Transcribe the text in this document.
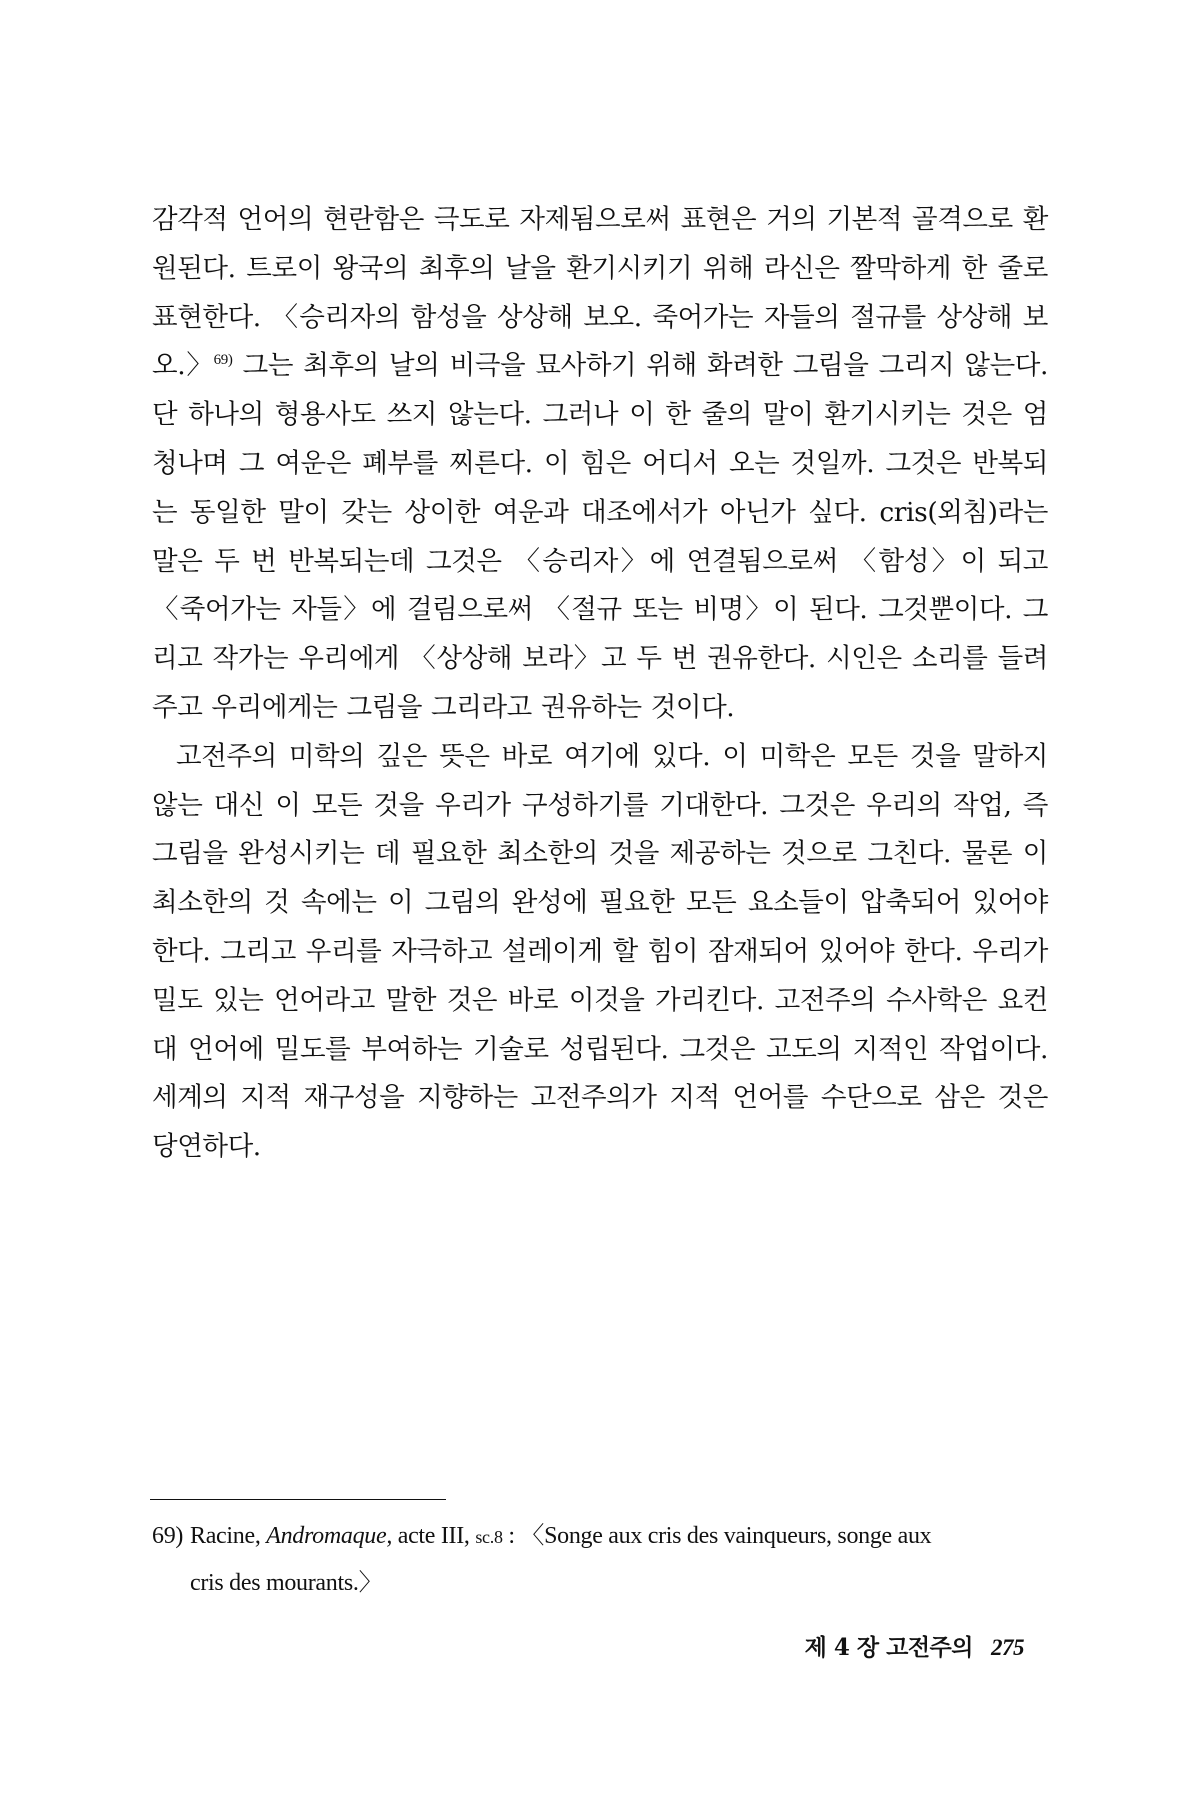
감각적 언어의 현란함은 극도로 자제됨으로써 표현은 거의 기본적 골격으로 환원된다. 트로이 왕국의 최후의 날을 환기시키기 위해 라신은 짤막하게 한 줄로 표현한다. 〈승리자의 함성을 상상해 보오. 죽어가는 자들의 절규를 상상해 보오.〉$^{69)}$ 그는 최후의 날의 비극을 묘사하기 위해 화려한 그림을 그리지 않는다. 단 하나의 형용사도 쓰지 않는다. 그러나 이 한 줄의 말이 환기시키는 것은 엄청나며 그 여운은 폐부를 찌른다. 이 힘은 어디서 오는 것일까. 그것은 반복되는 동일한 말이 갖는 상이한 여운과 대조에서가 아닌가 싶다. cris(외침)라는 말은 두 번 반복되는데 그것은 〈승리자〉에 연결됨으로써 〈함성〉이 되고 〈죽어가는 자들〉에 걸림으로써 〈절규 또는 비명〉이 된다. 그것뿐이다. 그리고 작가는 우리에게 〈상상해 보라〉고 두 번 권유한다. 시인은 소리를 들려주고 우리에게는 그림을 그리라고 권유하는 것이다.

고전주의 미학의 깊은 뜻은 바로 여기에 있다. 이 미학은 모든 것을 말하지 않는 대신 이 모든 것을 우리가 구성하기를 기대한다. 그것은 우리의 작업, 즉 그림을 완성시키는 데 필요한 최소한의 것을 제공하는 것으로 그친다. 물론 이 최소한의 것 속에는 이 그림의 완성에 필요한 모든 요소들이 압축되어 있어야 한다. 그리고 우리를 자극하고 설레이게 할 힘이 잠재되어 있어야 한다. 우리가 밀도 있는 언어라고 말한 것은 바로 이것을 가리킨다. 고전주의 수사학은 요컨대 언어에 밀도를 부여하는 기술로 성립된다. 그것은 고도의 지적인 작업이다. 세계의 지적 재구성을 지향하는 고전주의가 지적 언어를 수단으로 삼은 것은 당연하다.

69) Racine, Andromaque, acte III, sc.8 : 〈Songe aux cris des vainqueurs, songe aux
cris des mourants.〉
제 4 장 고전주의 275
